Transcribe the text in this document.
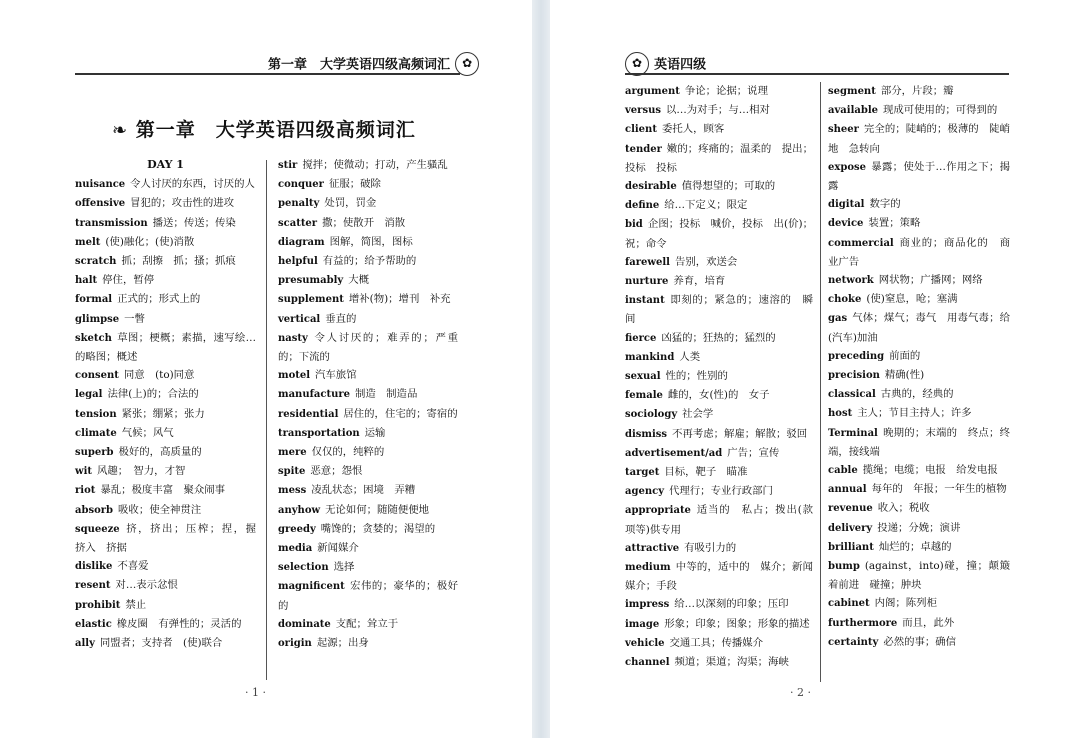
第一章　大学英语四级高频词汇 ✿
❧ 第一章　大学英语四级高频词汇
DAY 1
nuisance 令人讨厌的东西，讨厌的人
offensive 冒犯的；攻击性的进攻
transmission 播送；传送；传染
melt (使)融化；(使)消散
scratch 抓；刮擦　抓；搔；抓痕
halt 停住，暂停
formal 正式的；形式上的
glimpse 一瞥
sketch 草图；梗概；素描，速写绘…的略图；概述
consent 同意　(to)同意
legal 法律(上)的；合法的
tension 紧张；绷紧；张力
climate 气候；风气
superb 极好的，高质量的
wit 风趣；　智力，才智
riot 暴乱；极度丰富　聚众闹事
absorb 吸收；使全神贯注
squeeze 挤，挤出；压榨；捏，握　挤入　挤据
dislike 不喜爱
resent 对…表示忿恨
prohibit 禁止
elastic 橡皮圈　有弹性的；灵活的
ally 同盟者；支持者　(使)联合
stir 搅拌；使微动；打动，产生骚乱
conquer 征服；破除
penalty 处罚，罚金
scatter 撒；使散开　消散
diagram 图解，简图，图标
helpful 有益的；给予帮助的
presumably 大概
supplement 增补(物)；增刊　补充
vertical 垂直的
nasty 令人讨厌的；难弄的；严重的；下流的
motel 汽车旅馆
manufacture 制造　制造品
residential 居住的，住宅的；寄宿的
transportation 运输
mere 仅仅的，纯粹的
spite 恶意；怨恨
mess 凌乱状态；困境　弄糟
anyhow 无论如何；随随便便地
greedy 嘴馋的；贪婪的；渴望的
media 新闻媒介
selection 选择
magnificent 宏伟的；豪华的；极好的
dominate 支配；耸立于
origin 起源；出身
· 1 ·
✿ 英语四级
argument 争论；论据；说理
versus 以…为对手；与…相对
client 委托人，顾客
tender 嫩的；疼痛的；温柔的　提出；投标　投标
desirable 值得想望的；可取的
define 给…下定义；限定
bid 企图；投标　喊价，投标　出(价)；祝；命令
farewell 告别，欢送会
nurture 养育，培育
instant 即刻的；紧急的；速溶的　瞬间
fierce 凶猛的；狂热的；猛烈的
mankind 人类
sexual 性的；性别的
female 雌的，女(性)的　女子
sociology 社会学
dismiss 不再考虑；解雇；解散；驳回
advertisement/ad 广告；宣传
target 目标，靶子　瞄准
agency 代理行；专业行政部门
appropriate 适当的　私占；拨出(款项等)供专用
attractive 有吸引力的
medium 中等的，适中的　媒介；新闻媒介；手段
impress 给…以深刻的印象；压印
image 形象；印象；图象；形象的描述
vehicle 交通工具；传播媒介
channel 频道；渠道；沟渠；海峡
segment 部分，片段；瓣
available 现成可使用的；可得到的
sheer 完全的；陡峭的；极薄的　陡峭地　急转向
expose 暴露；使处于…作用之下；揭露
digital 数字的
device 装置；策略
commercial 商业的；商品化的　商业广告
network 网状物；广播网；网络
choke (使)窒息，呛；塞满
gas 气体；煤气；毒气　用毒气毒；给(汽车)加油
preceding 前面的
precision 精确(性)
classical 古典的，经典的
host 主人；节目主持人；许多
Terminal 晚期的；末端的　终点；终端，接线端
cable 揽绳；电缆；电报　给发电报
annual 每年的　年报；一年生的植物
revenue 收入；税收
delivery 投递；分娩；演讲
brilliant 灿烂的；卓越的
bump (against，into)碰，撞；颠簸着前进　碰撞；肿块
cabinet 内阁；陈列柜
furthermore 而且，此外
certainty 必然的事；确信
· 2 ·
